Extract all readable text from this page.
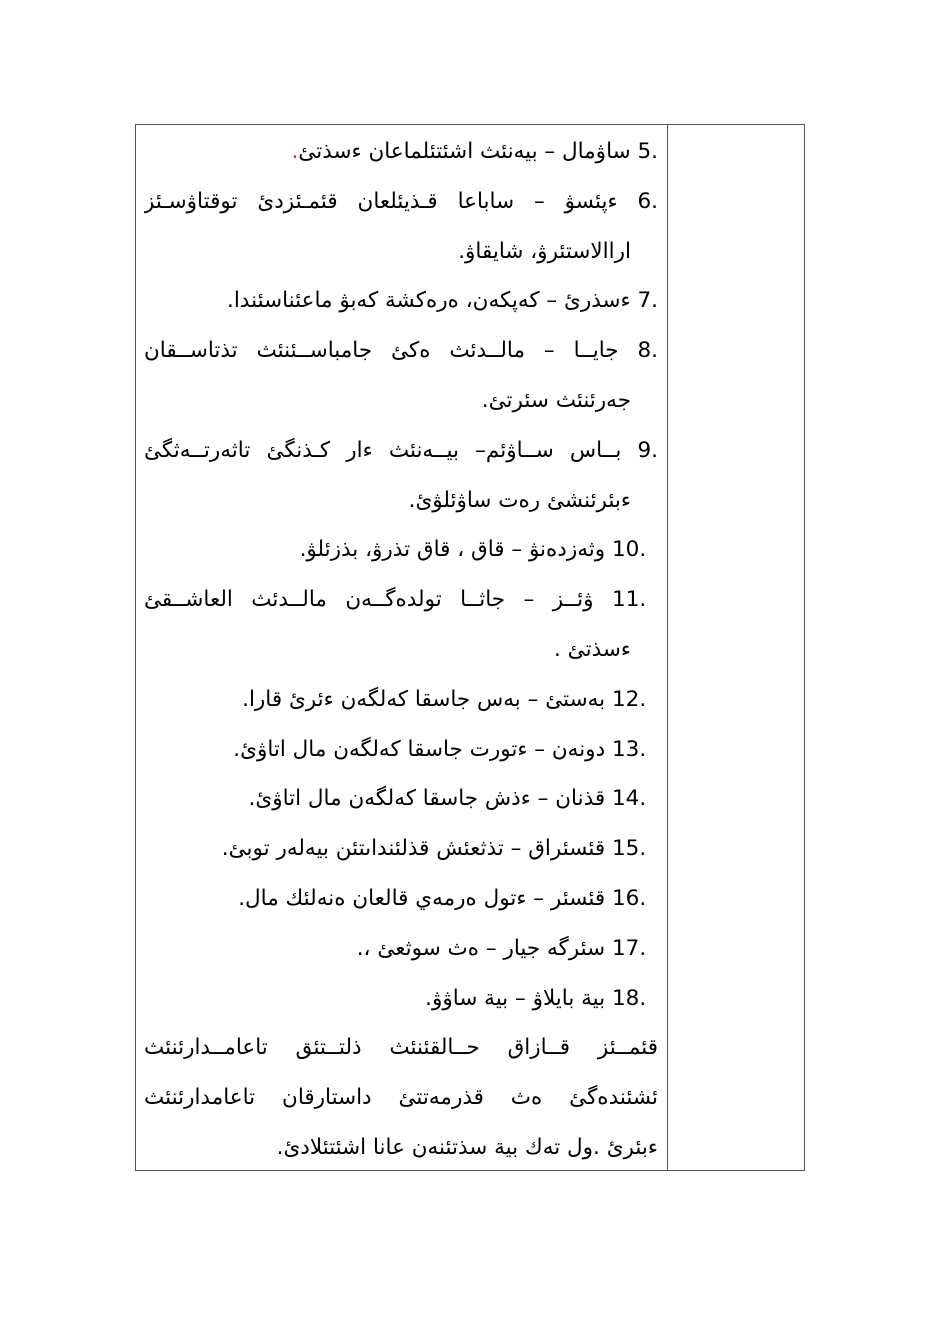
5. ساۋمال – بيەنئث اشئتئلماعان ءسذتئ.
6. ءپئسۋ – ساباعا قـذيئلعان قئمـئزدئ توقتاۋسـئز
اراالاستئرۋ، شايقاۋ.
7. ءسذرئ – كەپكەن، ەرەكشة كەبۋ ماعئناسئندا.
8. جايــا – مالــدئث ەكئ جامباســئنئث تذتاســقان
جەرئنئث سئرتئ.
9. بــاس ســاۋئم– بيــەنئث ءار كـذنگئ تاثەرتــەثگئ
ءبئرئنشئ رەت ساۋئلۋئ.
10. وثەزدەنۋ – قاق ، قاق تذرۋ، بذزئلۋ.
11. ۋئــز – جاثــا تولدەگــەن مالــدئث العاشــقئ
ءسذتئ .
12. بەستئ – بەس جاسقا كەلگەن ءئرئ قارا.
13. دونەن – ءتورت جاسقا كەلگەن مال اتاۋئ.
14. قذنان – ءذش جاسقا كەلگەن مال اتاۋئ.
15. قئسئراق – تذثعئش قذلئنداىتئن بيەلەر توبئ.
16. قئسئر – ءتول ەرمەي قالعان ەنەلئك مال.
17. سئرگە جيار – ەث سوثعئ ،.
18. بية بايلاۋ – بية ساۋۋ.
قئمــئز قــازاق حــالقئنئث ذلتــتئق تاعامــدارئنئث
ئشئندەگئ ەث قذرمەتتئ داستارقان تاعامدارئنئث
ءبئرئ .ول تەك بية سذتئنەن عانا اشئتئلادئ.
